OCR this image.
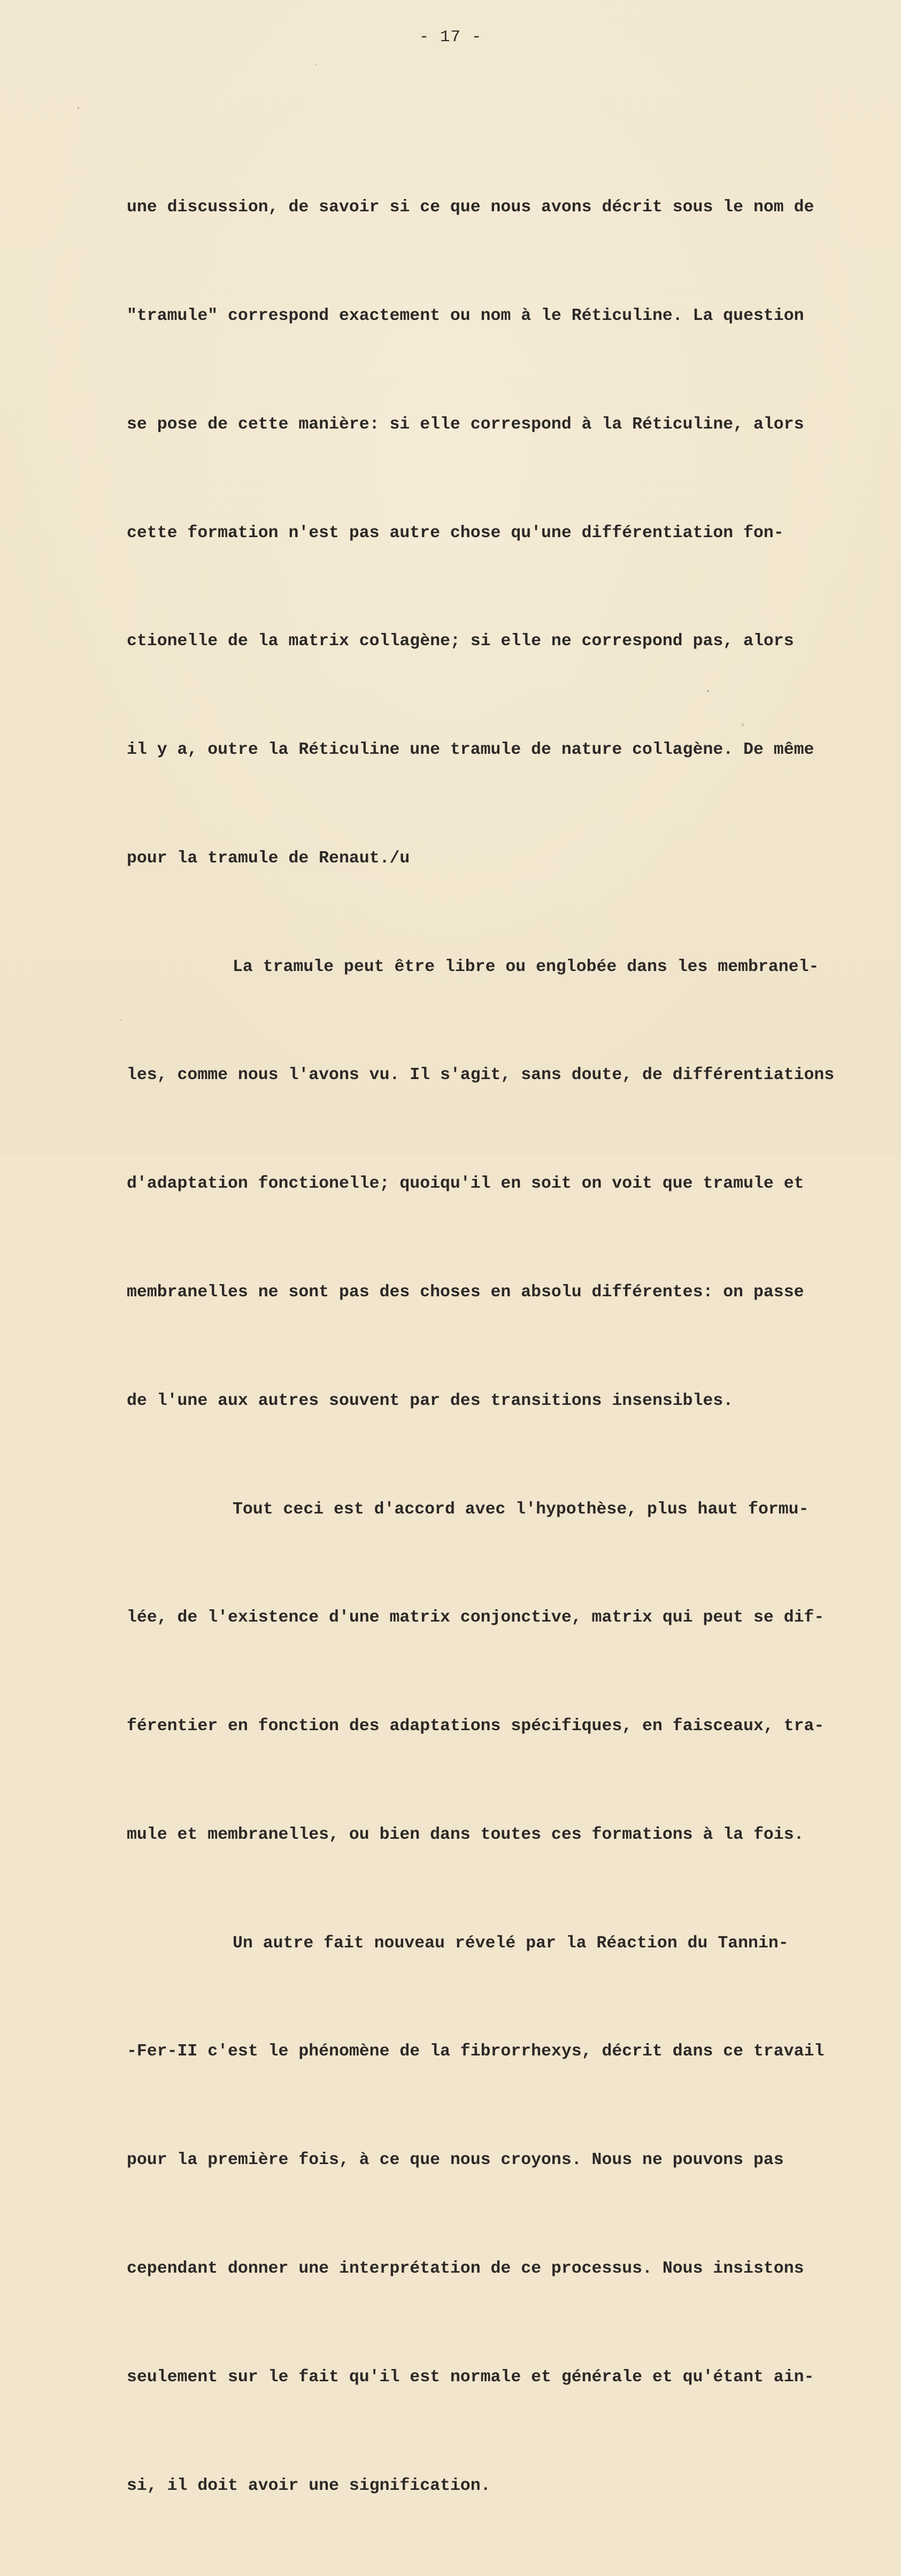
- 17 -

une discussion, de savoir si ce que nous avons décrit sous le nom de

"tramule" correspond exactement ou nom à le Réticuline. La question

se pose de cette manière: si elle correspond à la Réticuline, alors

cette formation n'est pas autre chose qu'une différentiation fon-

ctionelle de la matrix collagène; si elle ne correspond pas, alors

il y a, outre la Réticuline une tramule de nature collagène. De même

pour la tramule de Renaut./u

La tramule peut être libre ou englobée dans les membranel-

les, comme nous l'avons vu. Il s'agit, sans doute, de différentiations

d'adaptation fonctionelle; quoiqu'il en soit on voit que tramule et

membranelles ne sont pas des choses en absolu différentes: on passe

de l'une aux autres souvent par des transitions insensibles.

Tout ceci est d'accord avec l'hypothèse, plus haut formu-

lée, de l'existence d'une matrix conjonctive, matrix qui peut se dif-

férentier en fonction des adaptations spécifiques, en faisceaux, tra-

mule et membranelles, ou bien dans toutes ces formations à la fois.

Un autre fait nouveau révelé par la Réaction du Tannin-

-Fer-II c'est le phénomène de la fibrorrhexys, décrit dans ce travail

pour la première fois, à ce que nous croyons. Nous ne pouvons pas

cependant donner une interprétation de ce processus. Nous insistons

seulement sur le fait qu'il est normale et générale et qu'étant ain-

si, il doit avoir une signification.
